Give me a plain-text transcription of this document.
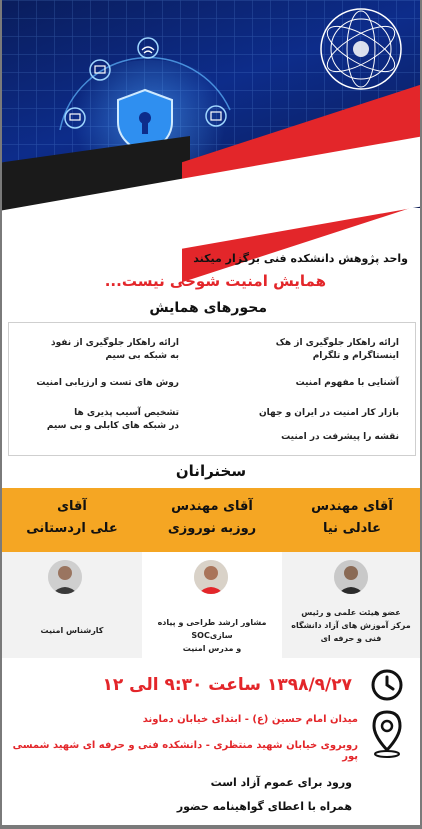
واحد پژوهش دانشکده فنی برگزار میکند
همایش امنیت شوخی نیست...
محورهای همایش
ارائه راهکار جلوگیری از هک
اینستاگرام و تلگرام
آشنایی با مفهوم امنیت
بازار کار امنیت در ایران و جهان
نقشه را پیشرفت در امنیت
ارائه راهکار جلوگیری از نفوذ
به شبکه بی سیم
روش های تست و ارزیابی امنیت
تشخیص آسیب پذیری ها
در شبکه های کابلی و بی سیم
سخنرانان
آقای مهندس
عادلی نیا
آقای مهندس
روزبه نوروزی
آقای
علی اردستانی
عضو هیئت علمی و رئیس
مرکز آموزش های آزاد دانشگاه
فنی و حرفه ای
مشاور ارشد طراحی و پیاده سازیSOC
و مدرس امنیت
کارشناس امنیت
۱۳۹۸/۹/۲۷ ساعت ۹:۳۰ الی ۱۲
میدان امام حسین (ع) - ابتدای خیابان دماوند
روبروی خیابان شهید منتظری - دانشکده فنی و حرفه ای شهید شمسی پور
ورود برای عموم آزاد است
همراه با اعطای گواهینامه حضور
